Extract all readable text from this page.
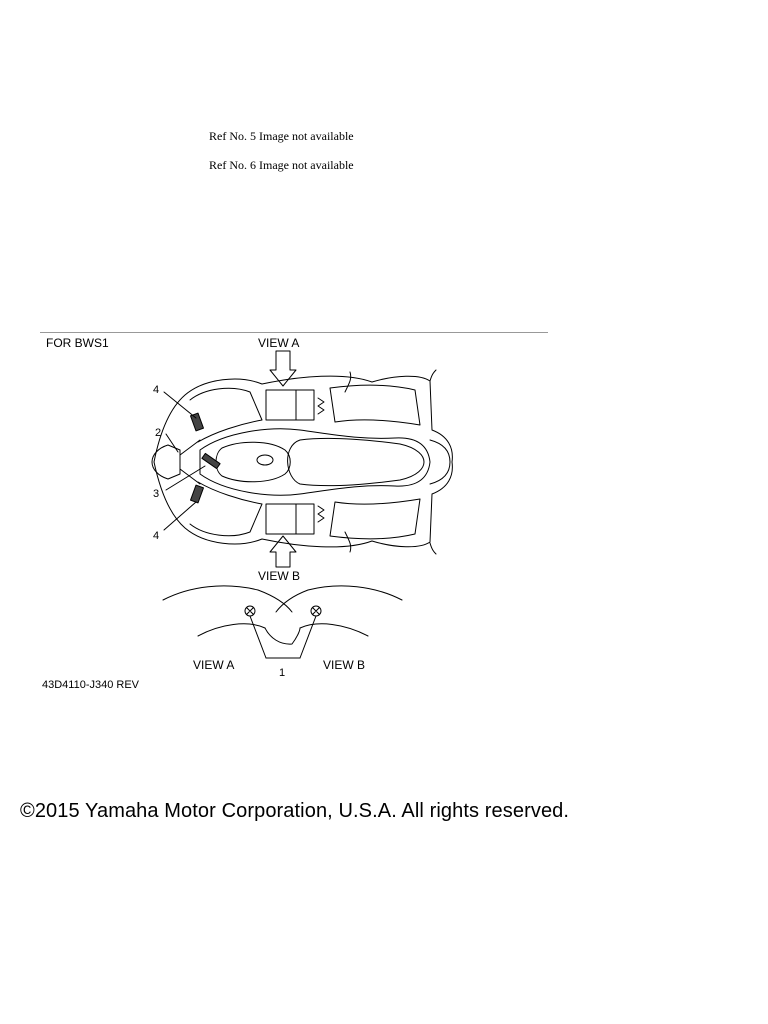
Ref No. 5 Image not available
Ref No. 6 Image not available
FOR BWS1	VIEW A
VIEW B
4
2
3
4
VIEW A	VIEW B
1
43D4110-J340 REV
©2015 Yamaha Motor Corporation, U.S.A. All rights reserved.
